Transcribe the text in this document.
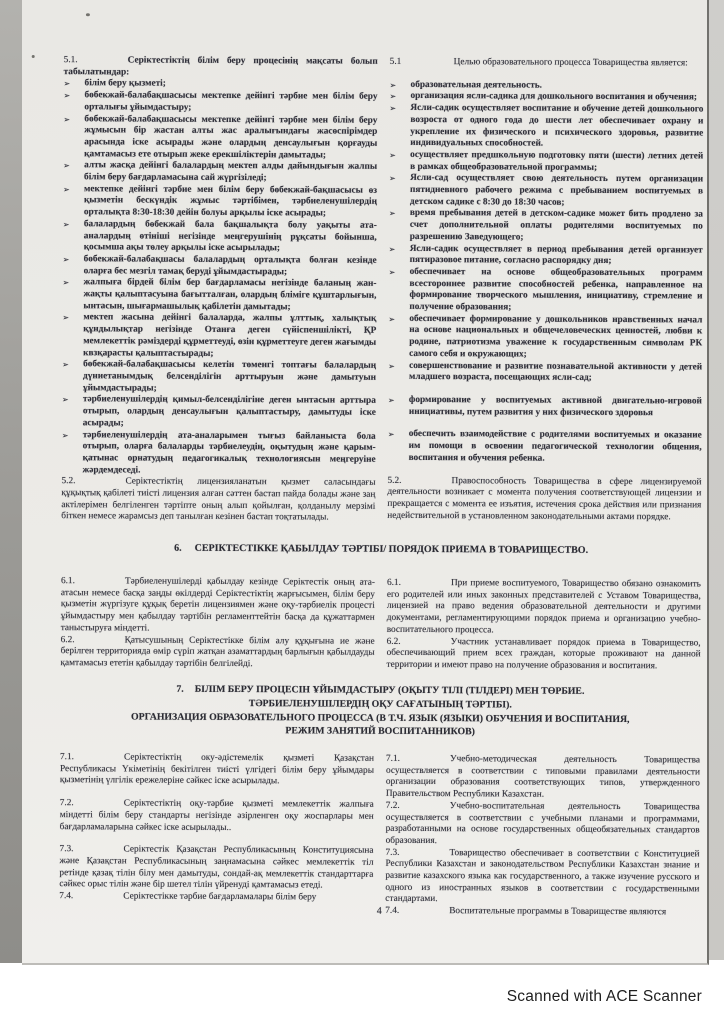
5.1.	Серіктестіктің білім беру процесінің мақсаты болып табылатындар:
➢	білім беру қызметі;
➢	бөбекжай-балабақшасысы мектепке дейінгі тәрбие мен білім беру орталығы ұйымдастыру;
➢	бөбекжай-балабақшасысы мектепке дейінгі тәрбие мен білім беру жұмысын бір жастан алты жас аралығындағы жасөспірімдер арасында іске асырады және олардың денсаулығын қорғауды қамтамасыз ете отырып жеке ерекшіліктерін дамытады;
➢	алты жасқа дейінгі балалардың мектеп алды дайындығын жалпы білім беру бағдарламасына сай жүргізіледі;
➢	мектепке дейінгі тәрбие мен білім беру бөбекжай-бақшасысы өз қызметін бескүндік жұмыс тәртібімен, тәрбиеленушілердің орталықта 8:30-18:30 дейін болуы арқылы іске асырады;
➢	балалардың бөбекжай бала бақшалықта болу уақыты ата-аналардың өтініші негізінде меңгерушінің рұқсаты бойынша, қосымша ақы төлеу арқылы іске асырылады;
➢	бөбекжай-балабақшасы балалардың орталықта болған кезінде оларға бес мезгіл тамақ беруді ұйымдастырады;
➢	жалпыға бірдей білім бер бағдарламасы негізінде баланың жан-жақты қалыптасуына бағытталған, олардың бліміге құштарлығын, ынтасын, шығармашылық қабілетін дамытады;
➢	мектеп жасына дейінгі балаларда, жалпы ұлттық, халықтық құндылықтар негізінде Отанға деген сүйіспеншілікті, ҚР мемлекеттік рәміздерді құрметтеуді, өзін құрметтеуге деген жағымды квзқарасты қалыптастырады;
➢	бөбекжай-балабақшасысы келетін төменгі топтағы балалардың дүниетанымдық белсенділігін арттыруын және дамытуын ұйымдастырады;
➢	тәрбиеленушілердің қимыл-белсенділігіне деген ынтасын арттыра отырып, олардың денсаулығын қалыптастыру, дамытуды іске асырады;
➢	тәрбиеленушілердің ата-аналарымен тығыз байланыста бола отырып, оларға балаларды тәрбиелеудің, оқытудың және қарым-қатынас орнатудың педагогикалық технологиясын меңгеруіне жәрдемдеседі.
5.2.	Серіктестіктің лицензияланатын қызмет саласындағы құқықтық қабілеті тиісті лицензия алған сәттен бастап пайда болады және заң актілерімен белгіленген тәртіпте оның алып қойылған, қолданылу мерзімі біткен немесе жарамсыз деп танылған кезінен бастап тоқтатылады.
5.1	Целью образовательного процесса Товарищества является:
➢	образовательная деятельность.
➢	организация ясли-садика для дошкольного воспитания и обучения;
➢	Ясли-садик осуществляет воспитание и обучение детей дошкольного возроста от одного года до шести лет обеспечивает охрану и укрепление их физического и психического здоровья, развитие индивидуальных способностей.
➢	осуществляет предшкольную подготовку пяти (шести) летних детей в рамках общеобразовательной программы;
➢	Ясли-сад осуществляет свою деятельность путем организации пятидневного рабочего режима с пребыванием воспитуемых в детском садике с 8:30 до 18:30 часов;
➢	время пребывания детей в детском-садике может бить продлено за счет дополнительной оплаты родителями воспитуемых по разрешению Заведующего;
➢	Ясли-садик осуществляет в период пребывания детей организует пятиразовое питание, согласно распорядку дня;
➢	обеспечивает на основе общеобразовательных программ всестороннее развитие способностей ребенка, направленное на формирование творческого мышления, инициативу, стремление и получение образования;
➢	обеспечивает формирование у дошкольников нравственных начал на основе национальных и общечеловеческих ценностей, любви к родине, патриотизма уважение к государственным символам РК самого себя и окружающих;
➢	совершенствование и развитие познавательной активности у детей младшего возраста, посещающих ясли-сад;
➢	формирование у воспитуемых активной двигательно-игровой инициативы, путем развития у них физического здоровья
➢	обеспечить взаимодействие с родителями воспитуемых и оказание им помощи в освоении педагогической технологии общения, воспитания и обучения ребенка.
5.2.	Правоспособность Товарищества в сфере лицензируемой деятельности возникает с момента получения соответствующей лицензии и прекращается с момента ее изъятия, истечения срока действия или признания недействительной в установленном законодательными актами порядке.
6. СЕРІКТЕСТІККЕ ҚАБЫЛДАУ ТӘРТІБІ/ ПОРЯДОК ПРИЕМА В ТОВАРИЩЕСТВО.
6.1.	Тәрбиеленушілерді қабылдау кезінде Серіктестік оның ата-атасын немесе басқа заңды өкілдерді Серіктестіктің жарғысымен, білім беру қызметін жүргізуге құқық беретін лицензиямен және оқу-тәрбиелік процесті ұйымдастыру мен қабылдау тәртібін регламенттейтін басқа да құжаттармен таныстыруға міндетті.
6.2.	Қатысушының Серіктестікке білім алу құқығына ие және берілген территорияда өмір сүріп жатқан азаматтардың барлығын қабылдауды қамтамасыз ететін қабылдау тәртібін белгілейді.
6.1.	При приеме воспитуемого, Товарищество обязано ознакомить его родителей или иных законных представителей с Уставом Товарищества, лицензией на право ведения образовательной деятельности и другими документами, регламентирующими порядок приема и организацию учебно-воспитательного процесса.
6.2.	Участник устанавливает порядок приема в Товарищество, обеспечивающий прием всех граждан, которые проживают на данной территории и имеют право на получение образования и воспитания.
7. БІЛІМ БЕРУ ПРОЦЕСІН ҰЙЫМДАСТЫРУ (ОҚЫТУ ТІЛІ (ТІЛДЕРІ) МЕН ТӨРБИЕ.
ТӘРБИЕЛЕНУШІЛЕРДІҢ ОҚУ САҒАТЫНЫҢ ТӘРТІБІ).
ОРГАНИЗАЦИЯ ОБРАЗОВАТЕЛЬНОГО ПРОЦЕССА (В Т.Ч. ЯЗЫК (ЯЗЫКИ) ОБУЧЕНИЯ И ВОСПИТАНИЯ,
РЕЖИМ ЗАНЯТИЙ ВОСПИТАННИКОВ)
7.1.	Серіктестіктің оку-әдістемелік қызметі Қазақстан Республикасы Үкіметінің бекітілген тиісті үлгідегі білім беру ұйымдары қызметінің үлгілік ережелеріне сәйкес іске асырылады.
7.2.	Серіктестіктің оқу-тәрбие қызметі мемлекеттік жалпыға міндетті білім беру стандарты негізінде әзірленген оқу жоспарлары мен бағдарламаларына сәйкес іске асырылады..
7.3.	Серіктестік Қазақстан Республикасының Конституциясына және Қазақстан Республикасының заңнамасына сәйкес мемлекеттік тіл ретінде қазақ тілін білу мен дамытуды, сондай-ақ мемлекеттік стандарттарға сәйкес орыс тілін және бір шетел тілін үйренуді қамтамасыз етеді.
7.4.	Серіктестікке тәрбие бағдарламалары білім беру
7.1.	Учебно-методическая деятельность Товарищества осуществляется в соответствии с типовыми правилами деятельности организации образования соответствующих типов, утвержденного Правительством Республики Казахстан.
7.2.	Учебно-воспитательная деятельность Товарищества осуществляется в соответствии с учебными планами и программами, разработанными на основе государственных общеобязательных стандартов образования.
7.3.	Товарищество обеспечивает в соответствии с Конституцией Республики Казахстан и законодательством Республики Казахстан знание и развитие казахского языка как государственного, а также изучение русского и одного из иностранных языков в соответствии с государственными стандартами.
7.4.	Воспитательные программы в Товариществе являются
4
Scanned with ACE Scanner
